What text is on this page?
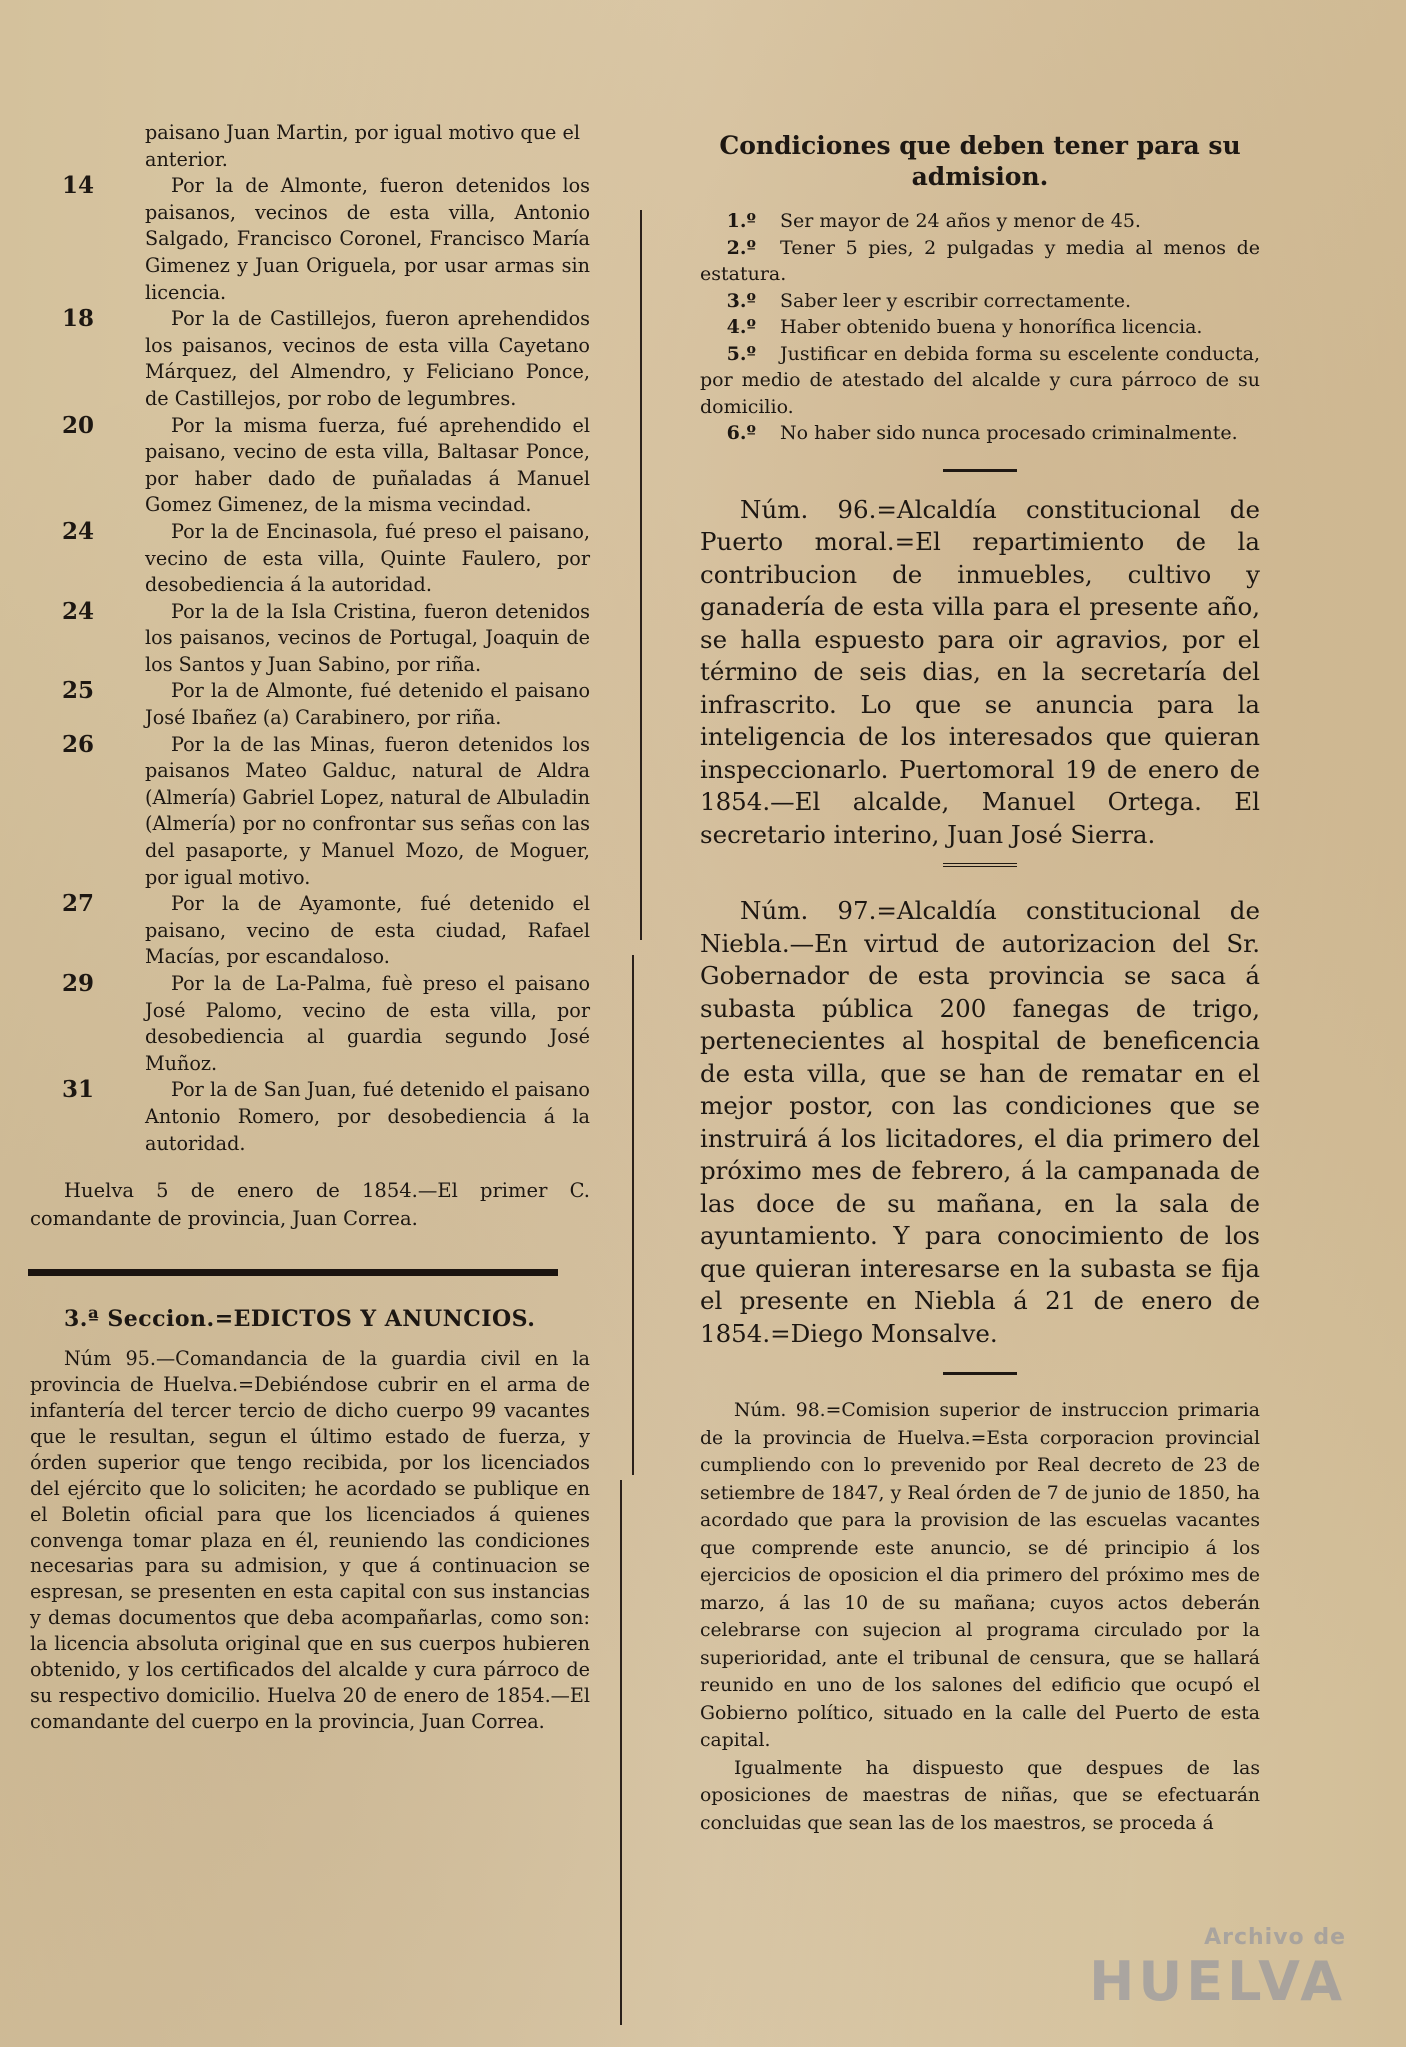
paisano Juan Martin, por igual motivo que el anterior.
14	Por la de Almonte, fueron detenidos los paisanos, vecinos de esta villa, Antonio Salgado, Francisco Coronel, Francisco María Gimenez y Juan Origuela, por usar armas sin licencia.
18	Por la de Castillejos, fueron aprehendidos los paisanos, vecinos de esta villa Cayetano Márquez, del Almendro, y Feliciano Ponce, de Castillejos, por robo de legumbres.
20	Por la misma fuerza, fué aprehendido el paisano, vecino de esta villa, Baltasar Ponce, por haber dado de puñaladas á Manuel Gomez Gimenez, de la misma vecindad.
24	Por la de Encinasola, fué preso el paisano, vecino de esta villa, Quinte Faulero, por desobediencia á la autoridad.
24	Por la de la Isla Cristina, fueron detenidos los paisanos, vecinos de Portugal, Joaquin de los Santos y Juan Sabino, por riña.
25	Por la de Almonte, fué detenido el paisano José Ibañez (a) Carabinero, por riña.
26	Por la de las Minas, fueron detenidos los paisanos Mateo Galduc, natural de Aldra (Almería) Gabriel Lopez, natural de Albuladin (Almería) por no confrontar sus señas con las del pasaporte, y Manuel Mozo, de Moguer, por igual motivo.
27	Por la de Ayamonte, fué detenido el paisano, vecino de esta ciudad, Rafael Macías, por escandaloso.
29	Por la de La-Palma, fuè preso el paisano José Palomo, vecino de esta villa, por desobediencia al guardia segundo José Muñoz.
31	Por la de San Juan, fué detenido el paisano Antonio Romero, por desobediencia á la autoridad.
Huelva 5 de enero de 1854.—El primer C. comandante de provincia, Juan Correa.
3.ª Seccion.=EDICTOS Y ANUNCIOS.
Núm 95.—Comandancia de la guardia civil en la provincia de Huelva.=Debiéndose cubrir en el arma de infantería del tercer tercio de dicho cuerpo 99 vacantes que le resultan, segun el último estado de fuerza, y órden superior que tengo recibida, por los licenciados del ejército que lo soliciten; he acordado se publique en el Boletin oficial para que los licenciados á quienes convenga tomar plaza en él, reuniendo las condiciones necesarias para su admision, y que á continuacion se espresan, se presenten en esta capital con sus instancias y demas documentos que deba acompañarlas, como son: la licencia absoluta original que en sus cuerpos hubieren obtenido, y los certificados del alcalde y cura párroco de su respectivo domicilio. Huelva 20 de enero de 1854.—El comandante del cuerpo en la provincia, Juan Correa.
Condiciones que deben tener para su admision.
1.º Ser mayor de 24 años y menor de 45.
2.º Tener 5 pies, 2 pulgadas y media al menos de estatura.
3.º Saber leer y escribir correctamente.
4.º Haber obtenido buena y honorífica licencia.
5.º Justificar en debida forma su escelente conducta, por medio de atestado del alcalde y cura párroco de su domicilio.
6.º No haber sido nunca procesado criminalmente.
Núm. 96.=Alcaldía constitucional de Puerto moral.=El repartimiento de la contribucion de inmuebles, cultivo y ganadería de esta villa para el presente año, se halla espuesto para oir agravios, por el término de seis dias, en la secretaría del infrascrito. Lo que se anuncia para la inteligencia de los interesados que quieran inspeccionarlo. Puertomoral 19 de enero de 1854.—El alcalde, Manuel Ortega. El secretario interino, Juan José Sierra.
Núm. 97.=Alcaldía constitucional de Niebla.—En virtud de autorizacion del Sr. Gobernador de esta provincia se saca á subasta pública 200 fanegas de trigo, pertenecientes al hospital de beneficencia de esta villa, que se han de rematar en el mejor postor, con las condiciones que se instruirá á los licitadores, el dia primero del próximo mes de febrero, á la campanada de las doce de su mañana, en la sala de ayuntamiento. Y para conocimiento de los que quieran interesarse en la subasta se fija el presente en Niebla á 21 de enero de 1854.=Diego Monsalve.
Núm. 98.=Comision superior de instruccion primaria de la provincia de Huelva.=Esta corporacion provincial cumpliendo con lo prevenido por Real decreto de 23 de setiembre de 1847, y Real órden de 7 de junio de 1850, ha acordado que para la provision de las escuelas vacantes que comprende este anuncio, se dé principio á los ejercicios de oposicion el dia primero del próximo mes de marzo, á las 10 de su mañana; cuyos actos deberán celebrarse con sujecion al programa circulado por la superioridad, ante el tribunal de censura, que se hallará reunido en uno de los salones del edificio que ocupó el Gobierno político, situado en la calle del Puerto de esta capital.
Igualmente ha dispuesto que despues de las oposiciones de maestras de niñas, que se efectuarán concluidas que sean las de los maestros, se proceda á
Archivo de
HUELVA
